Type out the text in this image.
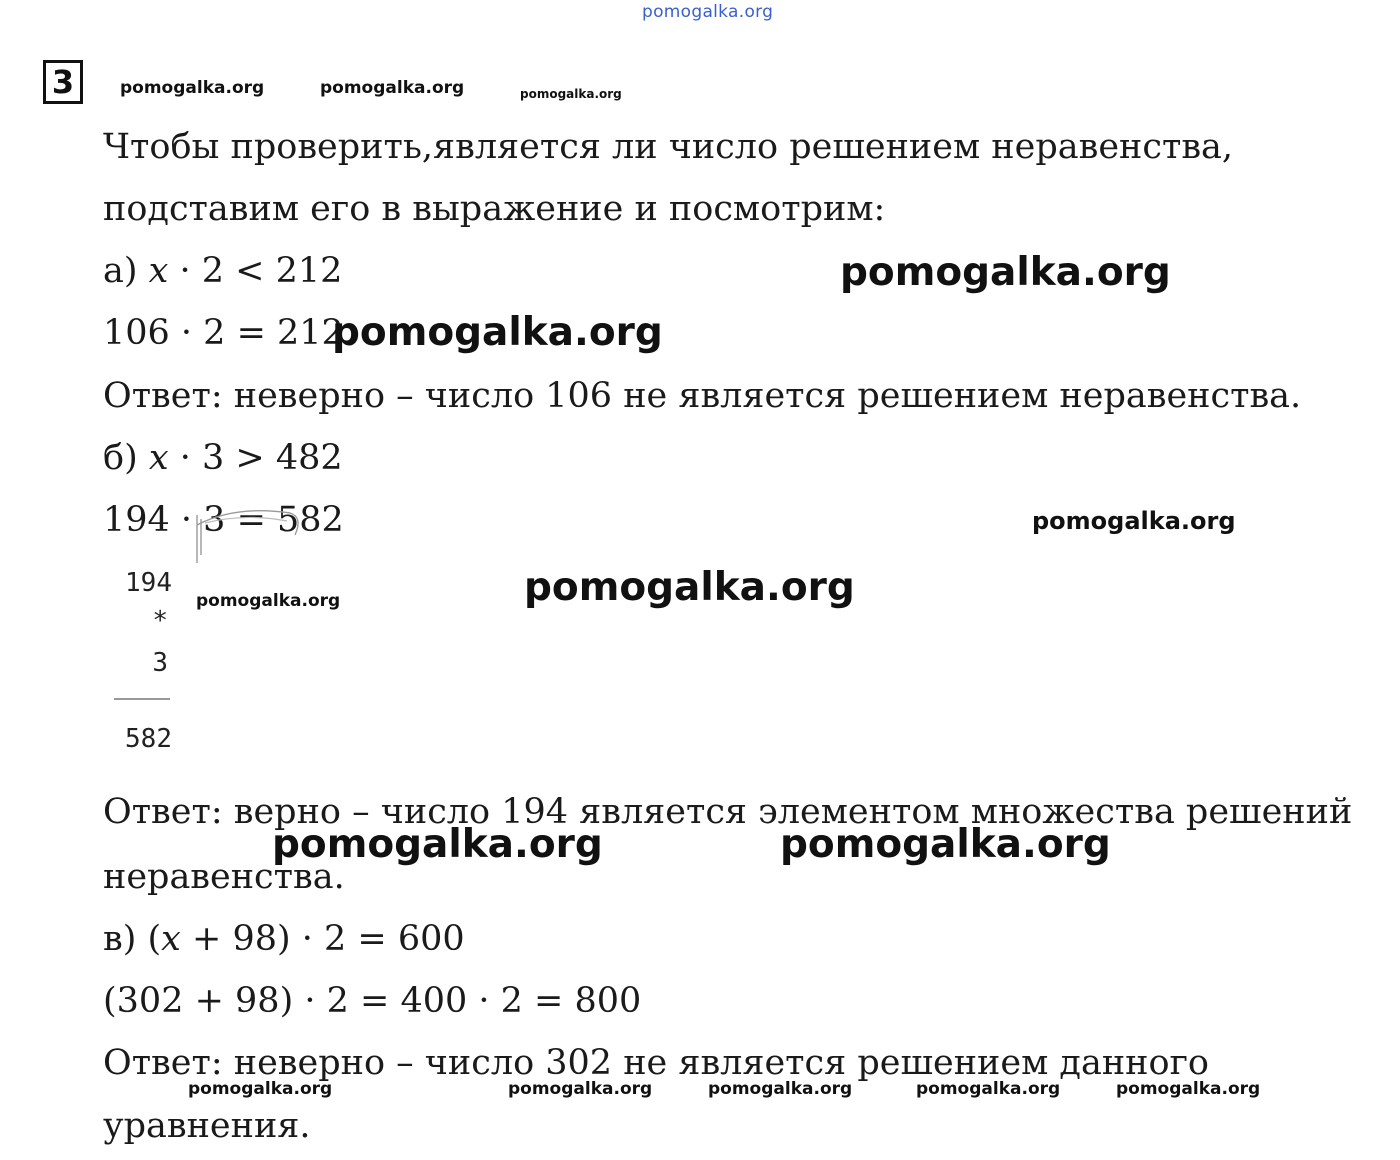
pomogalka.org
pomogalka.org	pomogalka.org	pomogalka.org
3
Чтобы проверить,является ли число решением неравенства,
подставим его в выражение и посмотрим:
а) 𝑥 · 2 < 212	pomogalka.org
106 · 2 = 212
pomogalka.org
Ответ: неверно – число 106 не является решением неравенства.
б) 𝑥 · 3 > 482
194 · 3 = 582	pomogalka.org
194
*
3
582
pomogalka.org	pomogalka.org
Ответ: верно – число 194 является элементом множества решений
неравенства.
pomogalka.org	pomogalka.org
в) (𝑥 + 98) · 2 = 600
(302 + 98) · 2 = 400 · 2 = 800
Ответ: неверно – число 302 не является решением данного
уравнения.
pomogalka.org	pomogalka.org	pomogalka.org	pomogalka.org	pomogalka.org
